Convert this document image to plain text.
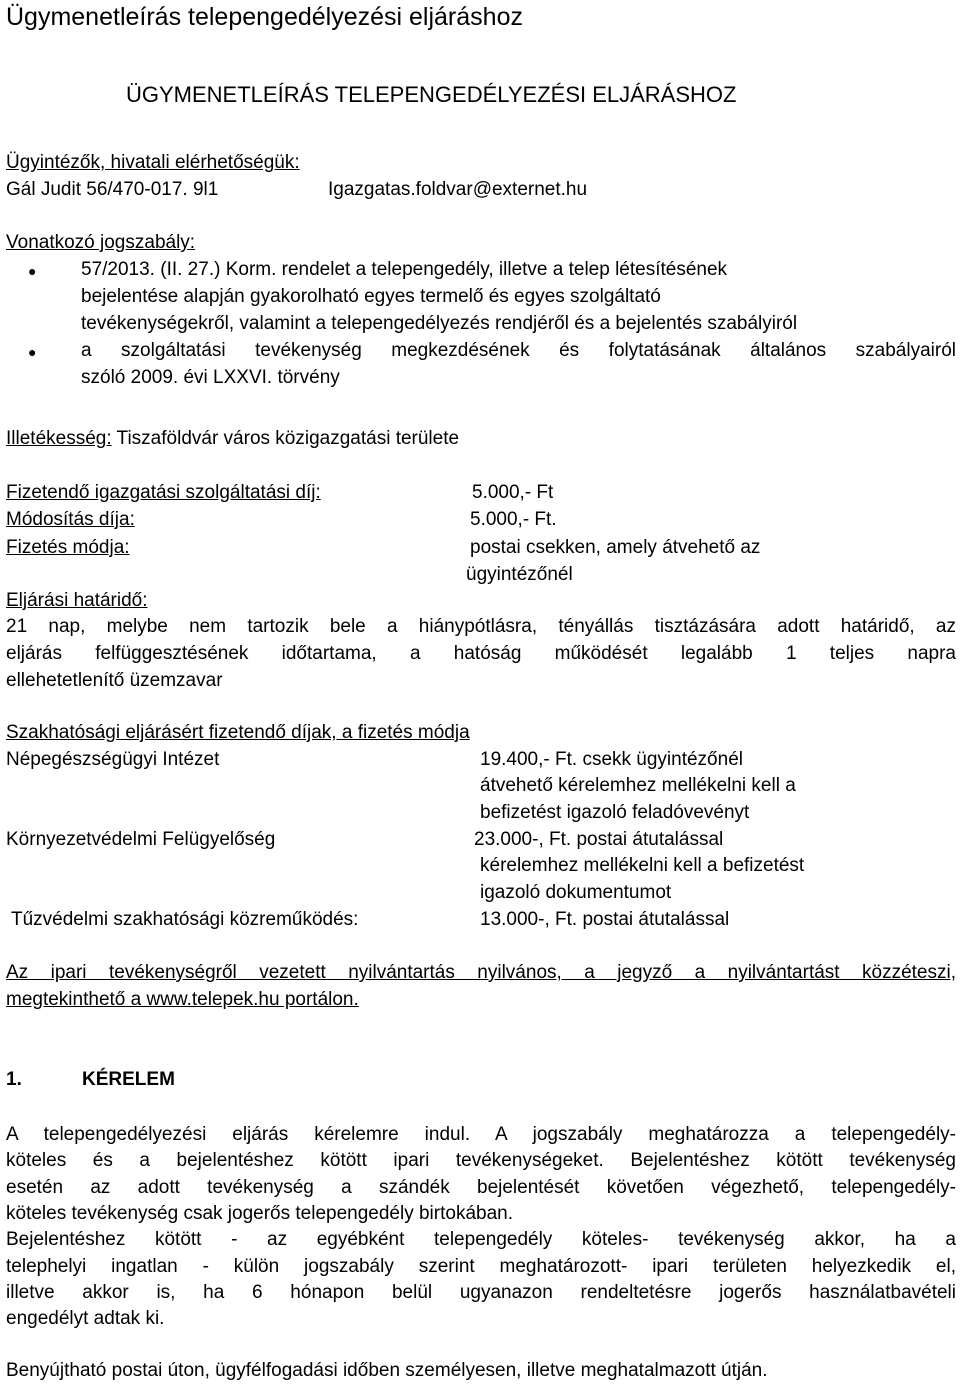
Ügymenetleírás telepengedélyezési eljáráshoz
ÜGYMENETLEÍRÁS TELEPENGEDÉLYEZÉSI ELJÁRÁSHOZ
Ügyintézők, hivatali elérhetőségük:
Gál Judit 56/470-017. 9l1	Igazgatas.foldvar@externet.hu
Vonatkozó jogszabály:
● 57/2013. (II. 27.) Korm. rendelet a telepengedély, illetve a telep létesítésének
bejelentése alapján gyakorolható egyes termelő és egyes szolgáltató
tevékenységekről, valamint a telepengedélyezés rendjéről és a bejelentés szabályiról
● a szolgáltatási tevékenység megkezdésének és folytatásának általános szabályairól
szóló 2009. évi LXXVI. törvény
Illetékesség: Tiszaföldvár város közigazgatási területe
Fizetendő igazgatási szolgáltatási díj:	5.000,- Ft
Módosítás díja:	5.000,- Ft.
Fizetés módja:	postai csekken, amely átvehető az
ügyintézőnél
Eljárási határidő:
21 nap, melybe nem tartozik bele a hiánypótlásra, tényállás tisztázására adott határidő, az
eljárás felfüggesztésének időtartama, a hatóság működését legalább 1 teljes napra
ellehetetlenítő üzemzavar
Szakhatósági eljárásért fizetendő díjak, a fizetés módja
Népegészségügyi Intézet	19.400,- Ft. csekk ügyintézőnél
átvehető kérelemhez mellékelni kell a
befizetést igazoló feladóvevényt
Környezetvédelmi Felügyelőség	23.000-, Ft. postai átutalással
kérelemhez mellékelni kell a befizetést
igazoló dokumentumot
Tűzvédelmi szakhatósági közreműködés:	13.000-, Ft. postai átutalással
Az ipari tevékenységről vezetett nyilvántartás nyilvános, a jegyző a nyilvántartást közzéteszi,
megtekinthető a www.telepek.hu portálon.
1.	KÉRELEM
A telepengedélyezési eljárás kérelemre indul. A jogszabály meghatározza a telepengedély-
köteles és a bejelentéshez kötött ipari tevékenységeket. Bejelentéshez kötött tevékenység
esetén az adott tevékenység a szándék bejelentését követően végezhető, telepengedély-
köteles tevékenység csak jogerős telepengedély birtokában.
Bejelentéshez kötött - az egyébként telepengedély köteles- tevékenység akkor, ha a
telephelyi ingatlan - külön jogszabály szerint meghatározott- ipari területen helyezkedik el,
illetve akkor is, ha 6 hónapon belül ugyanazon rendeltetésre jogerős használatbavételi
engedélyt adtak ki.
Benyújtható postai úton, ügyfélfogadási időben személyesen, illetve meghatalmazott útján.
